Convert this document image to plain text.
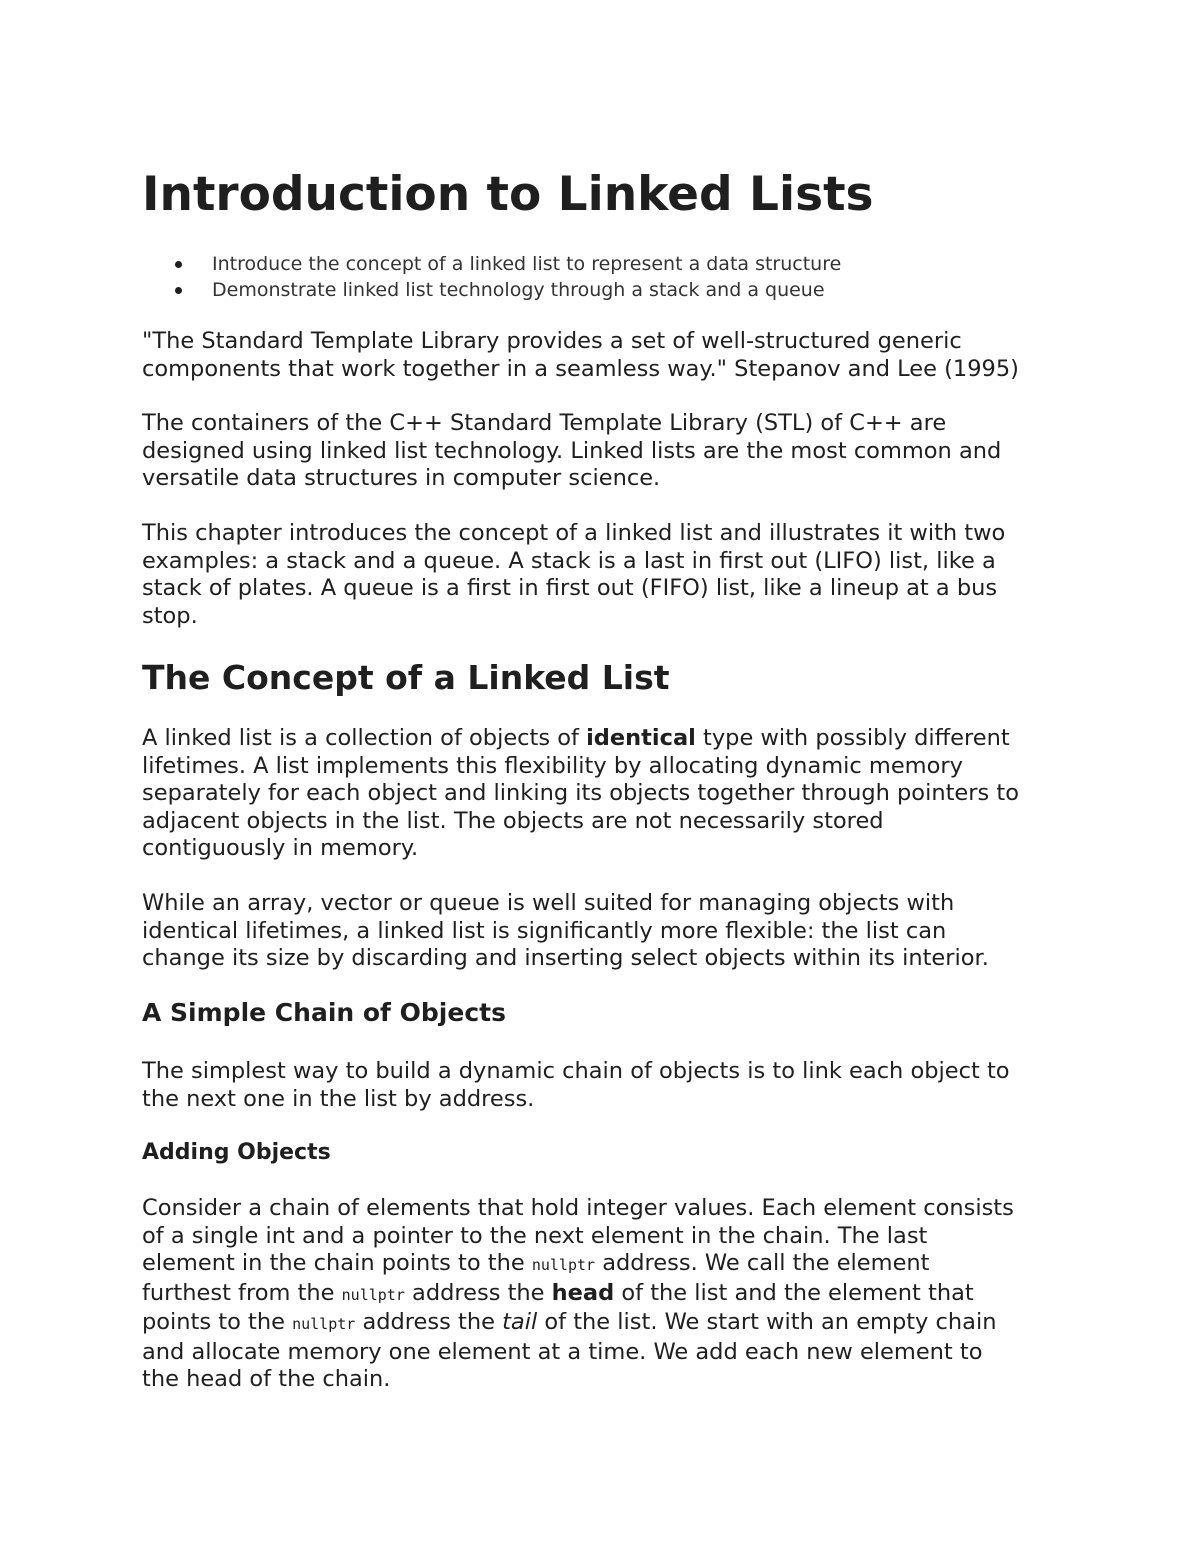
Introduction to Linked Lists
Introduce the concept of a linked list to represent a data structure
Demonstrate linked list technology through a stack and a queue

"The Standard Template Library provides a set of well-structured generic
components that work together in a seamless way." Stepanov and Lee (1995)

The containers of the C++ Standard Template Library (STL) of C++ are
designed using linked list technology. Linked lists are the most common and
versatile data structures in computer science.

This chapter introduces the concept of a linked list and illustrates it with two
examples: a stack and a queue. A stack is a last in first out (LIFO) list, like a
stack of plates. A queue is a first in first out (FIFO) list, like a lineup at a bus
stop.

The Concept of a Linked List

A linked list is a collection of objects of identical type with possibly different
lifetimes. A list implements this flexibility by allocating dynamic memory
separately for each object and linking its objects together through pointers to
adjacent objects in the list. The objects are not necessarily stored
contiguously in memory.

While an array, vector or queue is well suited for managing objects with
identical lifetimes, a linked list is significantly more flexible: the list can
change its size by discarding and inserting select objects within its interior.

A Simple Chain of Objects

The simplest way to build a dynamic chain of objects is to link each object to
the next one in the list by address.

Adding Objects

Consider a chain of elements that hold integer values. Each element consists
of a single int and a pointer to the next element in the chain. The last
element in the chain points to the nullptr address. We call the element
furthest from the nullptr address the head of the list and the element that
points to the nullptr address the tail of the list. We start with an empty chain
and allocate memory one element at a time. We add each new element to
the head of the chain.
